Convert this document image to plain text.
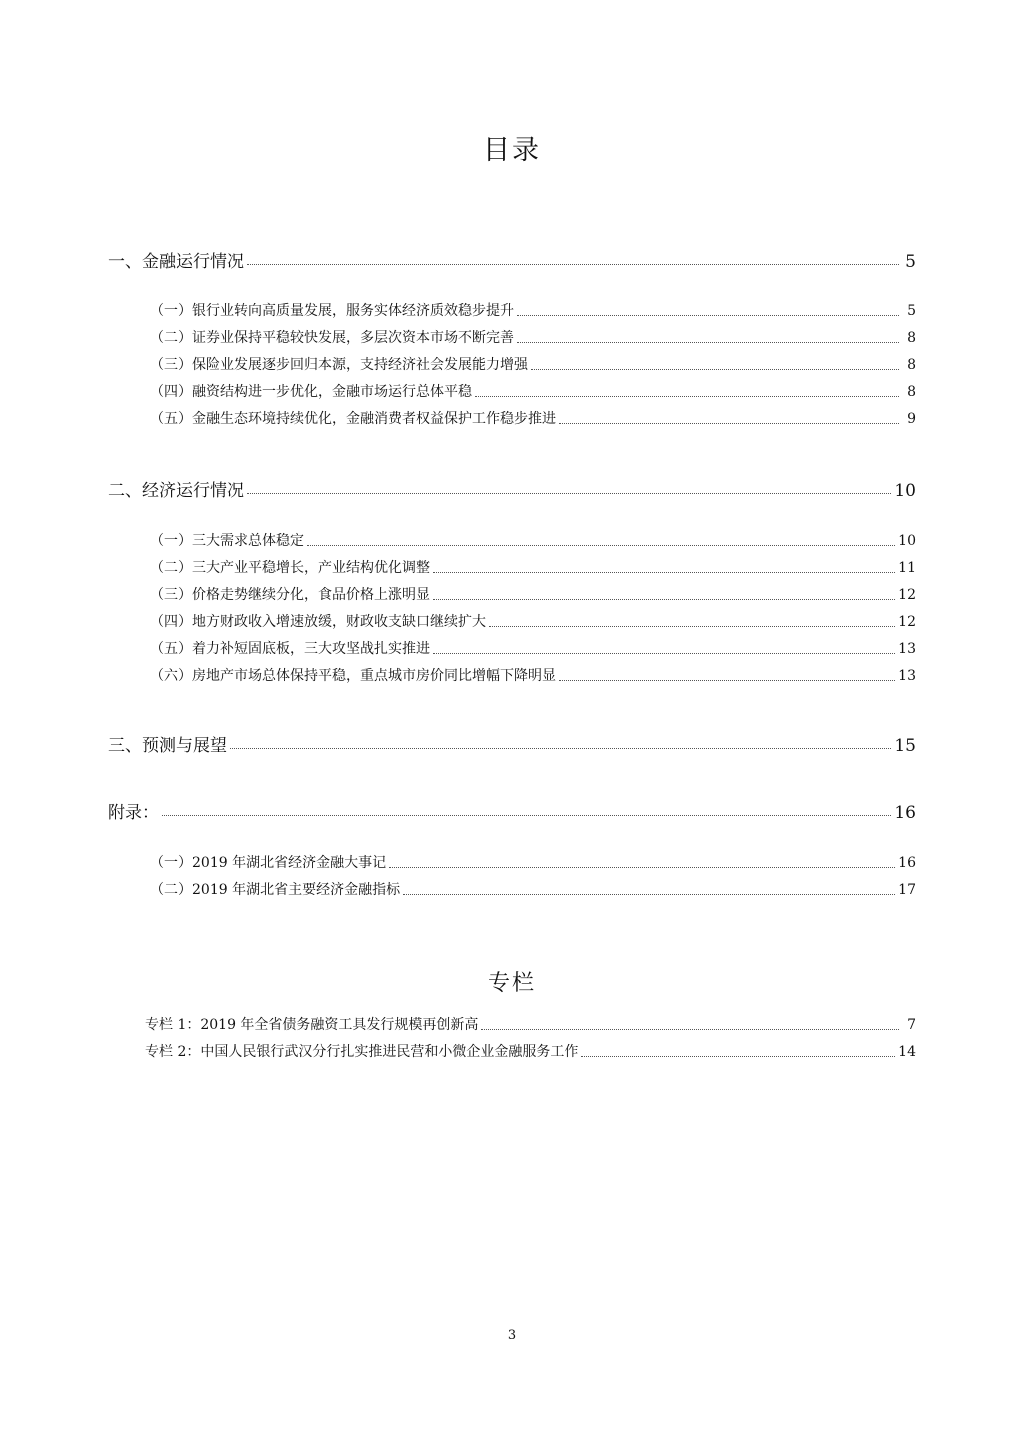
目录
一、金融运行情况	5
（一）银行业转向高质量发展，服务实体经济质效稳步提升	5
（二）证券业保持平稳较快发展，多层次资本市场不断完善	8
（三）保险业发展逐步回归本源，支持经济社会发展能力增强	8
（四）融资结构进一步优化，金融市场运行总体平稳	8
（五）金融生态环境持续优化，金融消费者权益保护工作稳步推进	9
二、经济运行情况	10
（一）三大需求总体稳定	10
（二）三大产业平稳增长，产业结构优化调整	11
（三）价格走势继续分化，食品价格上涨明显	12
（四）地方财政收入增速放缓，财政收支缺口继续扩大	12
（五）着力补短固底板，三大攻坚战扎实推进	13
（六）房地产市场总体保持平稳，重点城市房价同比增幅下降明显	13
三、预测与展望	15
附录：	16
（一）2019 年湖北省经济金融大事记	16
（二）2019 年湖北省主要经济金融指标	17
专栏
专栏 1：2019 年全省债务融资工具发行规模再创新高	7
专栏 2：中国人民银行武汉分行扎实推进民营和小微企业金融服务工作	14
3
